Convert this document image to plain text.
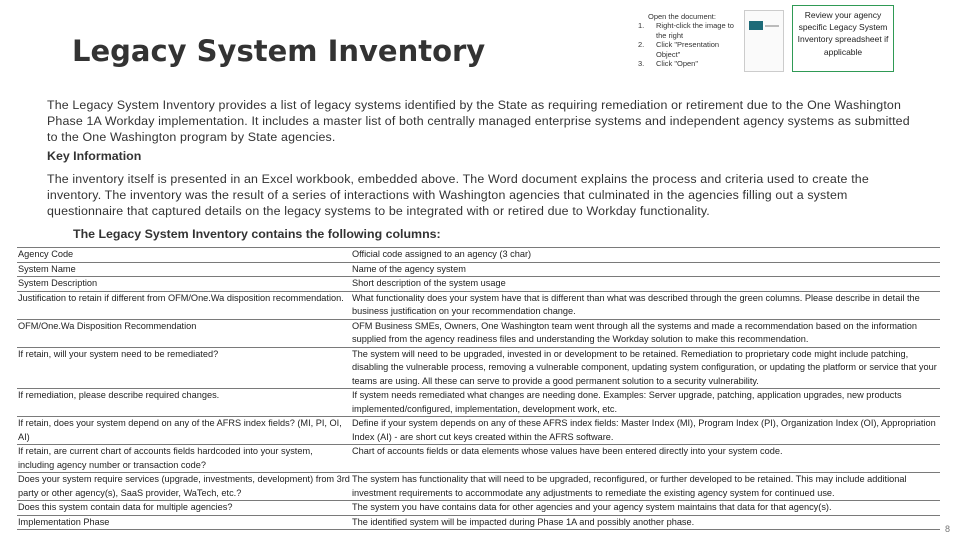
Legacy System Inventory
Open the document:
1. Right-click the image to the right
2. Click "Presentation Object"
3. Click "Open"
Review your agency specific Legacy System Inventory spreadsheet if applicable
The Legacy System Inventory provides a list of legacy systems identified by the State as requiring remediation or retirement due to the One Washington Phase 1A Workday implementation. It includes a master list of both centrally managed enterprise systems and independent agency systems as submitted to the One Washington program by State agencies.
Key Information
The inventory itself is presented in an Excel workbook, embedded above. The Word document explains the process and criteria used to create the inventory. The inventory was the result of a series of interactions with Washington agencies that culminated in the agencies filling out a system questionnaire that captured details on the legacy systems to be integrated with or retired due to Workday functionality.
The Legacy System Inventory contains the following columns:
Agency Code	Official code assigned to an agency (3 char)
System Name	Name of the agency system
System Description	Short description of the system usage
Justification to retain if different from OFM/One.Wa disposition recommendation.	What functionality does your system have that is different than what was described through the green columns. Please describe in detail the business justification on your recommendation change.
OFM/One.Wa Disposition Recommendation	OFM Business SMEs, Owners, One Washington team went through all the systems and made a recommendation based on the information supplied from the agency readiness files and understanding the Workday solution to make this recommendation.
If retain, will your system need to be remediated?	The system will need to be upgraded, invested in or development to be retained. Remediation to proprietary code might include patching, disabling the vulnerable process, removing a vulnerable component, updating system configuration, or updating the platform or service that your teams are using. All these can serve to provide a good permanent solution to a security vulnerability.
If remediation, please describe required changes.	If system needs remediated what changes are needing done. Examples: Server upgrade, patching, application upgrades, new products implemented/configured, implementation, development work, etc.
If retain, does your system depend on any of the AFRS index fields? (MI, PI, OI, AI)	Define if your system depends on any of these AFRS index fields: Master Index (MI), Program Index (PI), Organization Index (OI), Appropriation Index (AI) - are short cut keys created within the AFRS software.
If retain, are current chart of accounts fields hardcoded into your system, including agency number or transaction code?	Chart of accounts fields or data elements whose values have been entered directly into your system code.
Does your system require services (upgrade, investments, development) from 3rd party or other agency(s), SaaS provider, WaTech, etc.?	The system has functionality that will need to be upgraded, reconfigured, or further developed to be retained. This may include additional investment requirements to accommodate any adjustments to remediate the existing agency system for continued use.
Does this system contain data for multiple agencies?	The system you have contains data for other agencies and your agency system maintains that data for that agency(s).
Implementation Phase	The identified system will be impacted during Phase 1A and possibly another phase.
8
